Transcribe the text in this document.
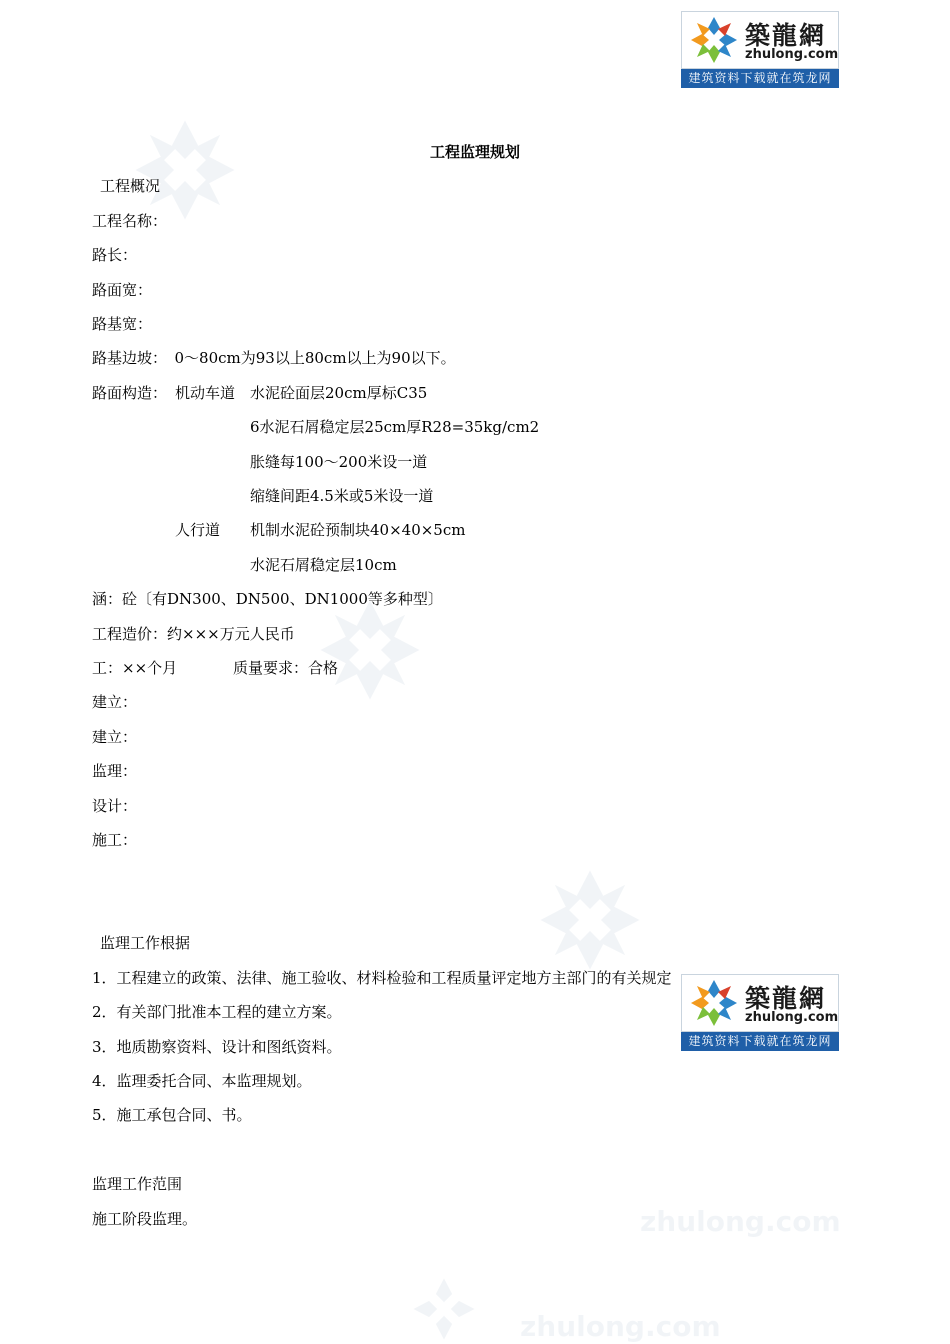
zhulong.com
zhulong.com
築龍網
zhulong.com
建筑资料下载就在筑龙网
工程监理规划
工程概况
工程名称：
路长：
路面宽：
路基宽：
路基边坡：　0～80cm为93以上80cm以上为90以下。
路面构造： 机动车道 水泥砼面层20cm厚标C35
6水泥石屑稳定层25cm厚R28=35kg/cm2
胀缝每100～200米设一道
缩缝间距4.5米或5米设一道
人行道 机制水泥砼预制块40×40×5cm
水泥石屑稳定层10cm
涵：砼〔有DN300、DN500、DN1000等多种型〕
工程造价：约×××万元人民币
工：××个月	质量要求：合格
建立：
建立：
监理：
设计：
施工：
监理工作根据
1．工程建立的政策、法律、施工验收、材料检验和工程质量评定地方主部门的有关规定
2．有关部门批准本工程的建立方案。
3．地质勘察资料、设计和图纸资料。
4．监理委托合同、本监理规划。
5．施工承包合同、书。
築龍網
zhulong.com
建筑资料下载就在筑龙网
监理工作范围
施工阶段监理。
